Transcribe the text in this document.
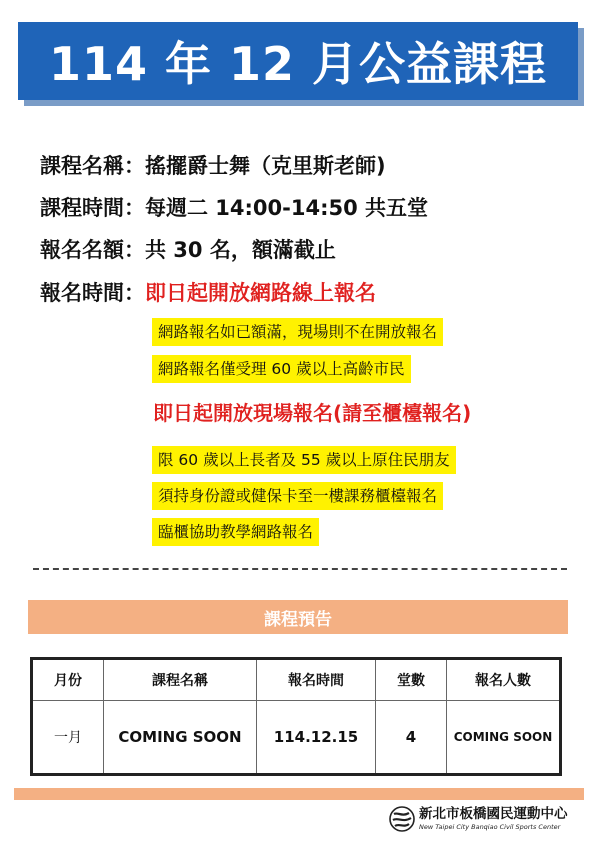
114 年 12 月公益課程
課程名稱：搖擺爵士舞（克里斯老師)
課程時間：每週二 14:00-14:50 共五堂
報名名額：共 30 名，額滿截止
報名時間：即日起開放網路線上報名
網路報名如已額滿，現場則不在開放報名
網路報名僅受理 60 歲以上高齡市民
即日起開放現場報名(請至櫃檯報名)
限 60 歲以上長者及 55 歲以上原住民朋友
須持身份證或健保卡至一樓課務櫃檯報名
臨櫃協助教學網路報名
課程預告
月份	課程名稱	報名時間	堂數	報名人數
一月	COMING SOON	114.12.15	4	COMING SOON
新北市板橋國民運動中心
New Taipei City Banqiao Civil Sports Center
